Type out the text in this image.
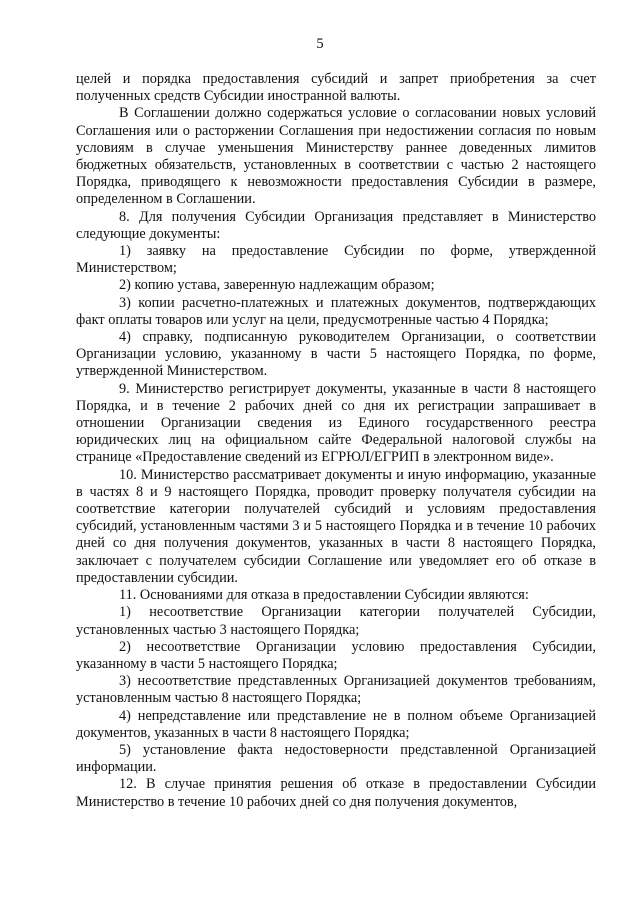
5

целей и порядка предоставления субсидий и запрет приобретения за счет полученных средств Субсидии иностранной валюты.

В Соглашении должно содержаться условие о согласовании новых условий Соглашения или о расторжении Соглашения при недостижении согласия по новым условиям в случае уменьшения Министерству раннее доведенных лимитов бюджетных обязательств, установленных в соответствии с частью 2 настоящего Порядка, приводящего к невозможности предоставления Субсидии в размере, определенном в Соглашении.

8. Для получения Субсидии Организация представляет в Министерство следующие документы:

1) заявку на предоставление Субсидии по форме, утвержденной Министерством;

2) копию устава, заверенную надлежащим образом;

3) копии расчетно-платежных и платежных документов, подтверждающих факт оплаты товаров или услуг на цели, предусмотренные частью 4 Порядка;

4) справку, подписанную руководителем Организации, о соответствии Организации условию, указанному в части 5 настоящего Порядка, по форме, утвержденной Министерством.

9. Министерство регистрирует документы, указанные в части 8 настоящего Порядка, и в течение 2 рабочих дней со дня их регистрации запрашивает в отношении Организации сведения из Единого государственного реестра юридических лиц на официальном сайте Федеральной налоговой службы на странице «Предоставление сведений из ЕГРЮЛ/ЕГРИП в электронном виде».

10. Министерство рассматривает документы и иную информацию, указанные в частях 8 и 9 настоящего Порядка, проводит проверку получателя субсидии на соответствие категории получателей субсидий и условиям предоставления субсидий, установленным частями 3 и 5 настоящего Порядка и в течение 10 рабочих дней со дня получения документов, указанных в части 8 настоящего Порядка, заключает с получателем субсидии Соглашение или уведомляет его об отказе в предоставлении субсидии.

11. Основаниями для отказа в предоставлении Субсидии являются:

1) несоответствие Организации категории получателей Субсидии, установленных частью 3 настоящего Порядка;

2) несоответствие Организации условию предоставления Субсидии, указанному в части 5 настоящего Порядка;

3) несоответствие представленных Организацией документов требованиям, установленным частью 8 настоящего Порядка;

4) непредставление или представление не в полном объеме Организацией документов, указанных в части 8 настоящего Порядка;

5) установление факта недостоверности представленной Организацией информации.

12. В случае принятия решения об отказе в предоставлении Субсидии Министерство в течение 10 рабочих дней со дня получения документов,
